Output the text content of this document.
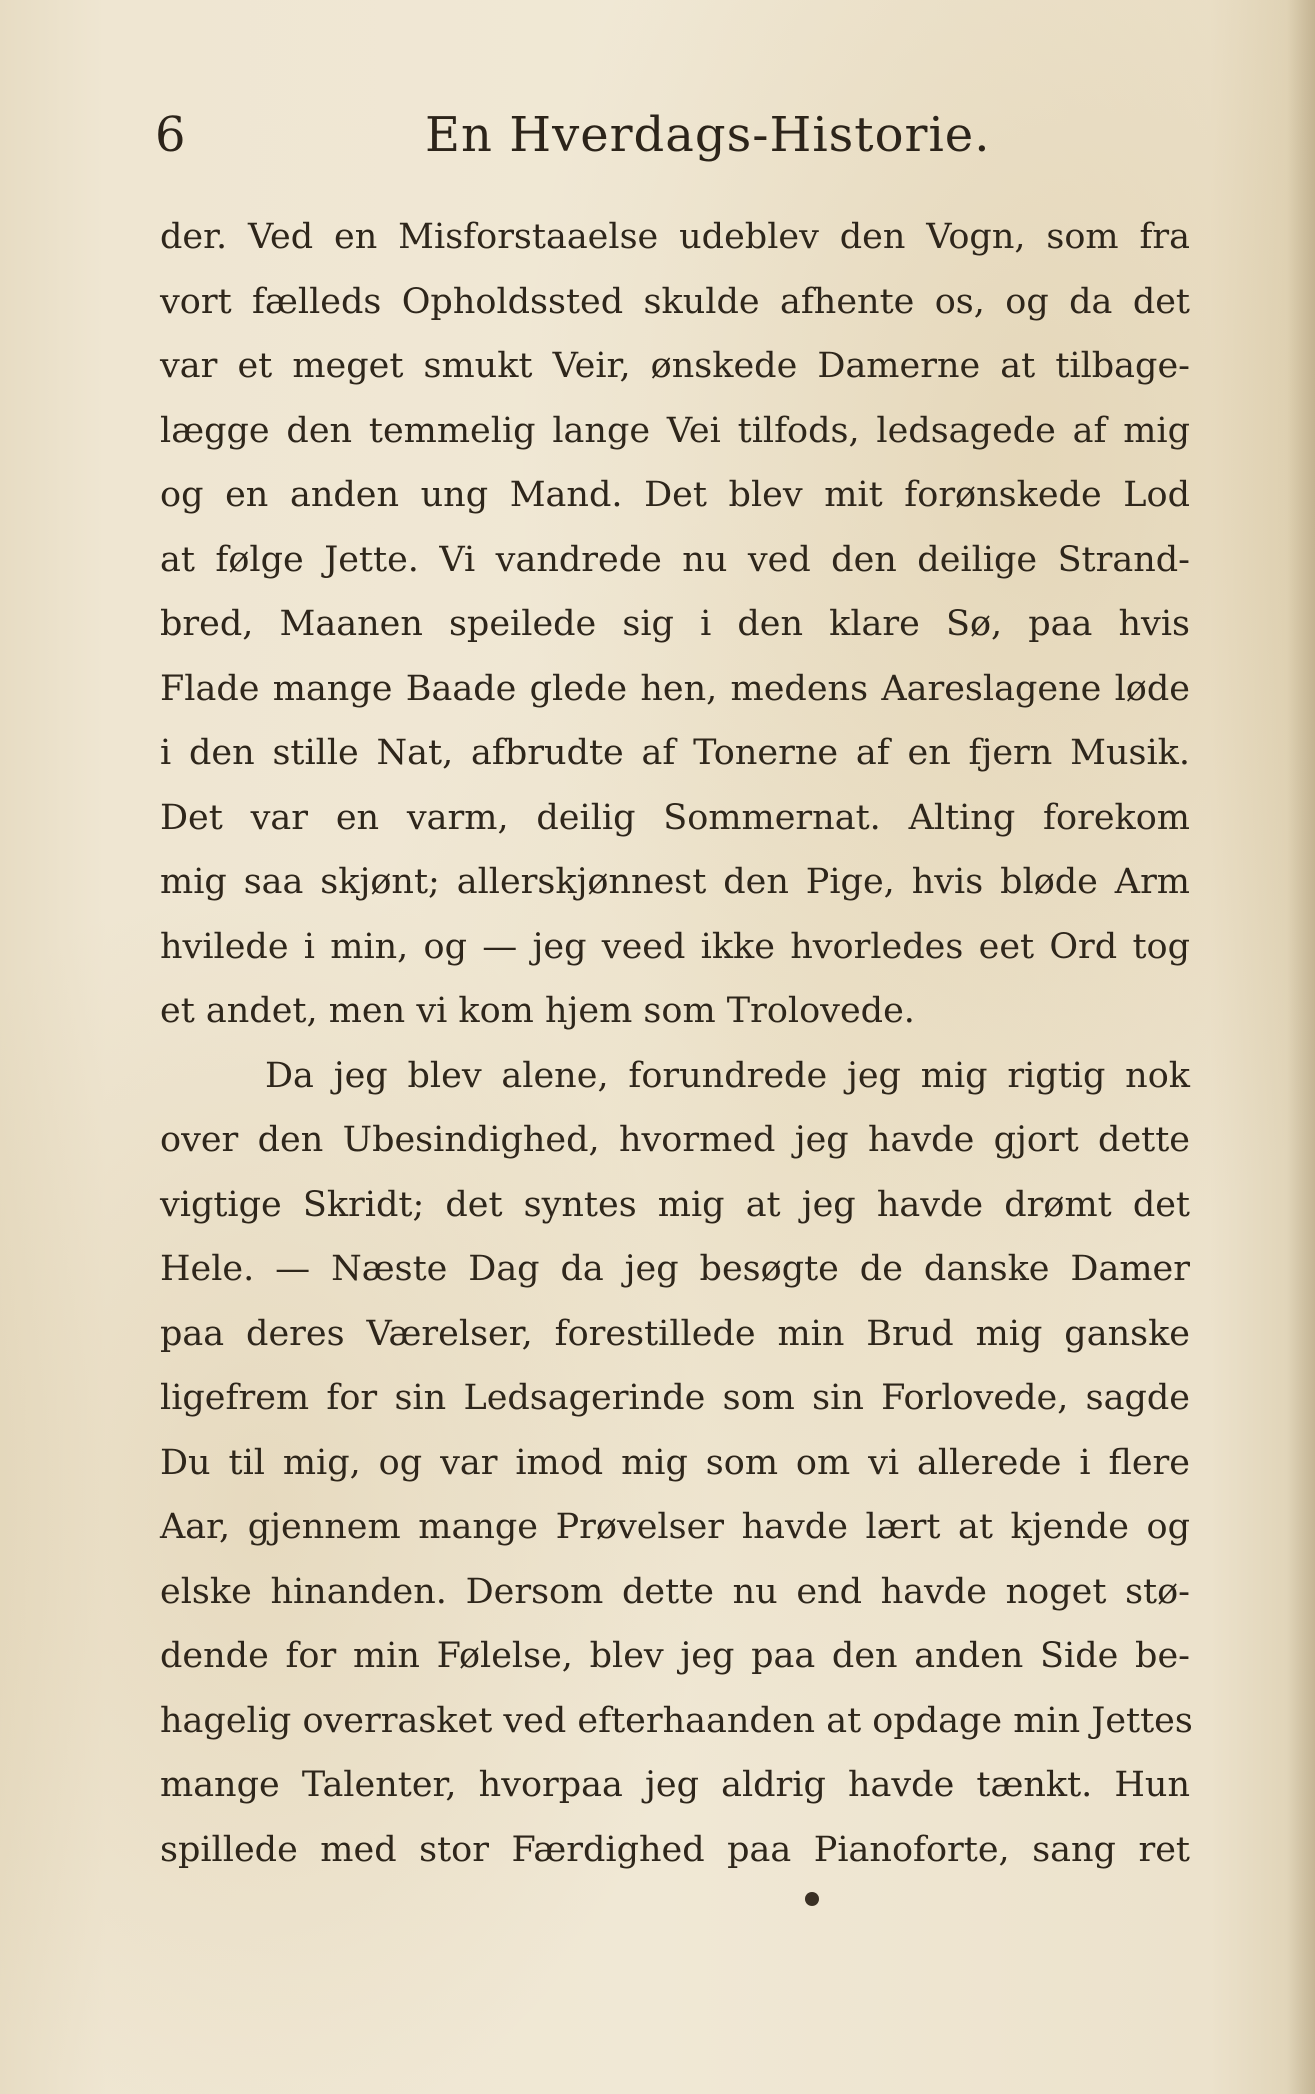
6	En Hverdags-Historie.
der. Ved en Misforstaaelse udeblev den Vogn, som fra
vort fælleds Opholdssted skulde afhente os, og da det
var et meget smukt Veir, ønskede Damerne at tilbage-
lægge den temmelig lange Vei tilfods, ledsagede af mig
og en anden ung Mand. Det blev mit forønskede Lod
at følge Jette. Vi vandrede nu ved den deilige Strand-
bred, Maanen speilede sig i den klare Sø, paa hvis
Flade mange Baade glede hen, medens Aareslagene løde
i den stille Nat, afbrudte af Tonerne af en fjern Musik.
Det var en varm, deilig Sommernat. Alting forekom
mig saa skjønt; allerskjønnest den Pige, hvis bløde Arm
hvilede i min, og — jeg veed ikke hvorledes eet Ord tog
et andet, men vi kom hjem som Trolovede.
Da jeg blev alene, forundrede jeg mig rigtig nok
over den Ubesindighed, hvormed jeg havde gjort dette
vigtige Skridt; det syntes mig at jeg havde drømt det
Hele. — Næste Dag da jeg besøgte de danske Damer
paa deres Værelser, forestillede min Brud mig ganske
ligefrem for sin Ledsagerinde som sin Forlovede, sagde
Du til mig, og var imod mig som om vi allerede i flere
Aar, gjennem mange Prøvelser havde lært at kjende og
elske hinanden. Dersom dette nu end havde noget stø-
dende for min Følelse, blev jeg paa den anden Side be-
hagelig overrasket ved efterhaanden at opdage min Jettes
mange Talenter, hvorpaa jeg aldrig havde tænkt. Hun
spillede med stor Færdighed paa Pianoforte, sang ret
